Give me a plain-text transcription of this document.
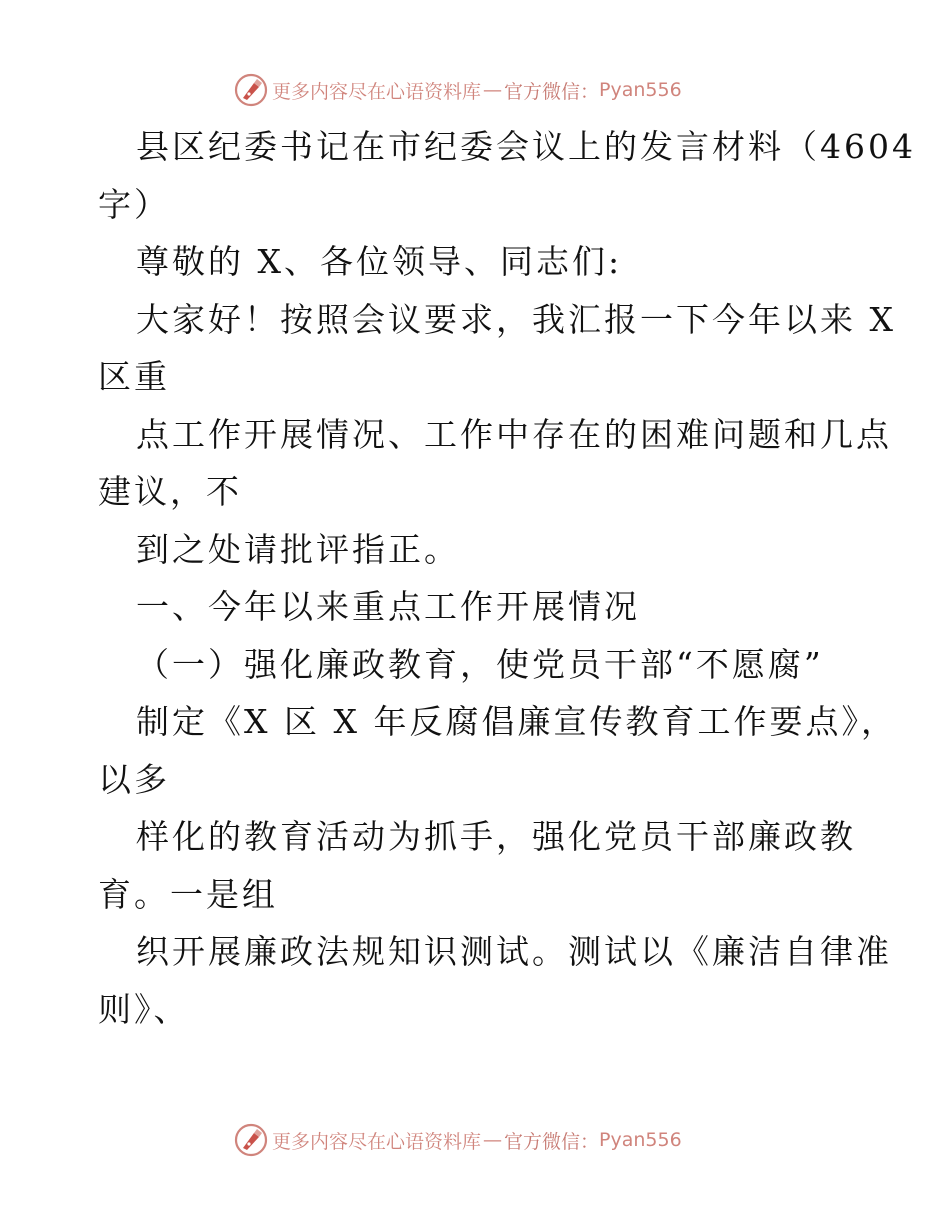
更多内容尽在心语资料库 — 官方微信： Pyan556
县区纪委书记在市纪委会议上的发言材料（4604
字）
尊敬的 X、各位领导、同志们:
大家好！按照会议要求，我汇报一下今年以来 X
区重
点工作开展情况、工作中存在的困难问题和几点
建议，不
到之处请批评指正。
一、今年以来重点工作开展情况
（一）强化廉政教育，使党员干部“不愿腐”
制定《X 区 X 年反腐倡廉宣传教育工作要点》，
以多
样化的教育活动为抓手，强化党员干部廉政教
育。一是组
织开展廉政法规知识测试。测试以《廉洁自律准
则》、
更多内容尽在心语资料库 — 官方微信： Pyan556
